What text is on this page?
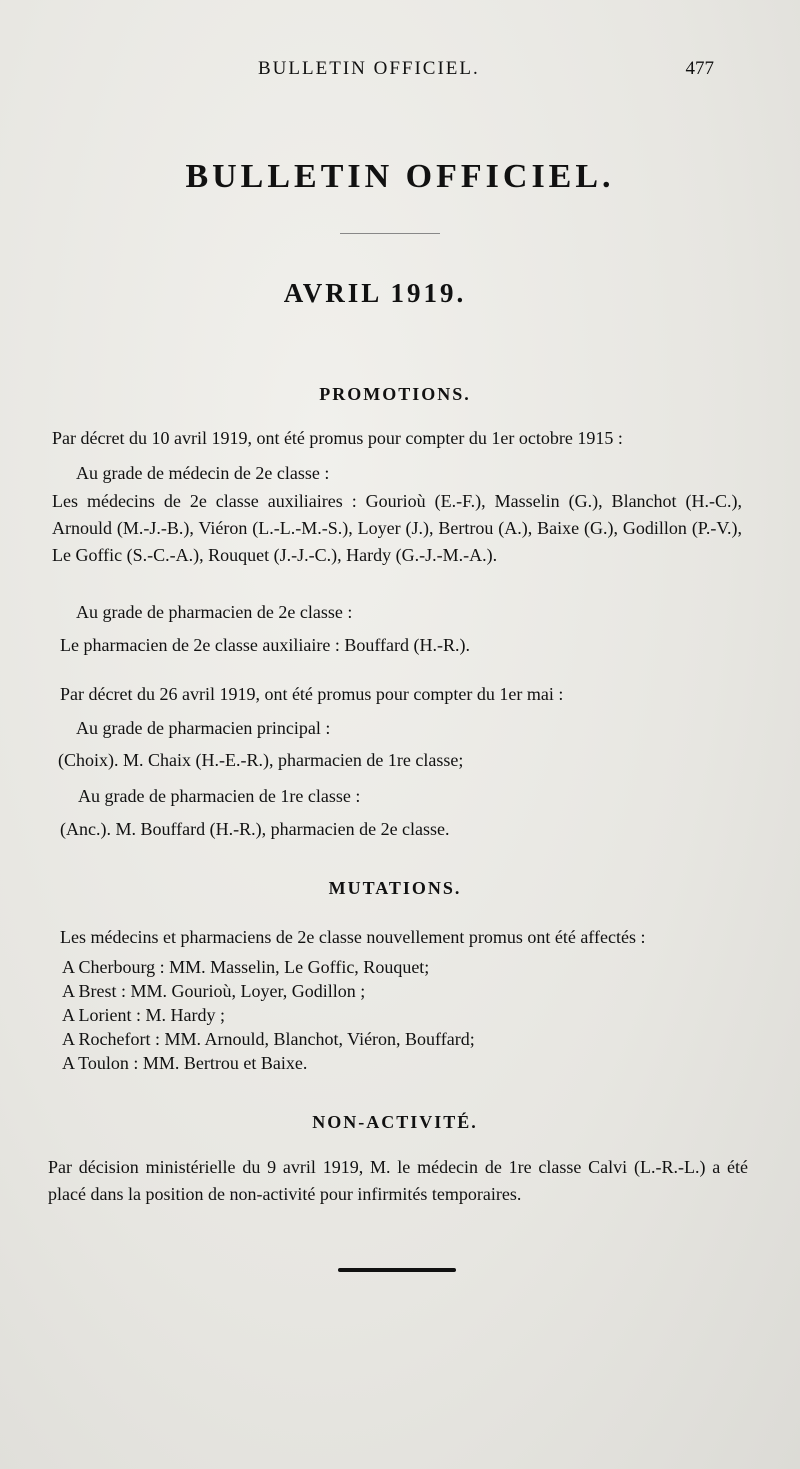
BULLETIN OFFICIEL.	477
BULLETIN OFFICIEL.
AVRIL 1919.
PROMOTIONS.
Par décret du 10 avril 1919, ont été promus pour compter du 1er octobre 1915 :
Au grade de médecin de 2e classe :
Les médecins de 2e classe auxiliaires : Gourioù (E.-F.), Masselin (G.), Blanchot (H.-C.), Arnould (M.-J.-B.), Viéron (L.-L.-M.-S.), Loyer (J.), Bertrou (A.), Baixe (G.), Godillon (P.-V.), Le Goffic (S.-C.-A.), Rouquet (J.-J.-C.), Hardy (G.-J.-M.-A.).
Au grade de pharmacien de 2e classe :
Le pharmacien de 2e classe auxiliaire : Bouffard (H.-R.).
Par décret du 26 avril 1919, ont été promus pour compter du 1er mai :
Au grade de pharmacien principal :
(Choix). M. Chaix (H.-E.-R.), pharmacien de 1re classe;
Au grade de pharmacien de 1re classe :
(Anc.). M. Bouffard (H.-R.), pharmacien de 2e classe.
MUTATIONS.
Les médecins et pharmaciens de 2e classe nouvellement promus ont été affectés :
A Cherbourg : MM. Masselin, Le Goffic, Rouquet;
A Brest : MM. Gourioù, Loyer, Godillon ;
A Lorient : M. Hardy ;
A Rochefort : MM. Arnould, Blanchot, Viéron, Bouffard;
A Toulon : MM. Bertrou et Baixe.
NON-ACTIVITÉ.
Par décision ministérielle du 9 avril 1919, M. le médecin de 1re classe Calvi (L.-R.-L.) a été placé dans la position de non-activité pour infirmités temporaires.
